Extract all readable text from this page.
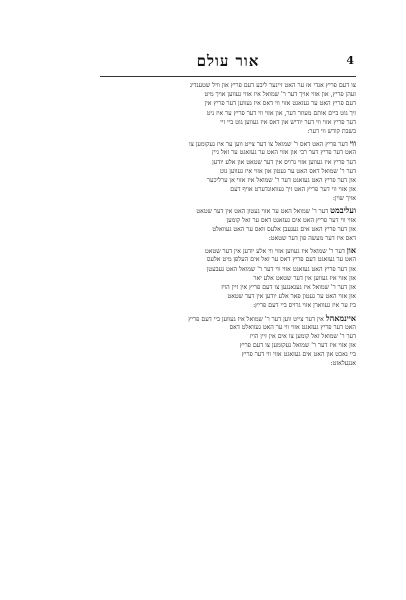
אור עולם	4
צו דעם פריץ אגדי אז ער האט זיינער ליבע דעם פריץ און וויל שטענדיג
זעהן פריץ, און אזוי אויך דער ר' שמואל איז אזוי געווען אויך מיט
דעם פריץ האט ער געזאגט אזוי ווי דאס איז געווען דער פריץ אין
זיך גוט ביים אותם מעוזר דער, און אזוי ווי דער פריץ ער איז ניט
דער פריץ אזוי ווי דער יודיש און דאס איז געווען גוט ביי זיי
בשבת קודש ווי דער:
ווי דער פריץ האט דאס ר' שמואל צו דער צייט ווען ער איז געקומען צו
האט דער פריץ דער רבי און אזוי האט ער געזאגט ער זאל גיין
דער פריץ איז געווען אזוי גרויס אין דער שטאט און אלע יודען
דער ר' שמואל דאס האט ער געטון און אזוי איז געווען גוט
און דער פריץ האט געזאגט דער ר' שמואל איז אזוי אן ערליכער
און אזוי ווי דער פריץ האט זיך געוואונדערט אויף דעם
אויך שוין:
ועליבמט דער ר' שמואל האט ער אזוי געטון האט אין דער שטאט
אזוי ווי דער פריץ האט אים געזאגט דאס ער זאל קומען
און דער פריץ האט אים געגעבן אלעס וואס ער האט געוואלט
דאס איז דער מעשה פון דער שטאט:
און דער ר' שמואל איז געווען אזוי ווי אלע יודען אין דער שטאט
האט ער געזאגט דעם פריץ דאס ער זאל אים העלפן מיט אלעס
און דער פריץ האט געזאגט אזוי ווי דער ר' שמואל האט געבעטן
און אזוי איז געווען אין דער שטאט אלע יאר
און דער ר' שמואל איז געגאנגען צו דעם פריץ אין זיין הויז
און אזוי האט ער געטון פאר אלע יודען אין דער שטאט
ביז ער איז געווארן אזוי גרויס ביי דעם פריץ:
איינמאהל אין דער צייט ווען דער ר' שמואל איז געווען ביי דעם פריץ
האט דער פריץ געזאגט אזוי ווי ער האט געוואלט דאס
דער ר' שמואל זאל קומען צו אים אין זיין הויז
און אזוי איז דער ר' שמואל געקומען צו דעם פריץ
ביי נאכט און האט אים געזאגט אזוי ווי דער פריץ
אנגעלאזט:
